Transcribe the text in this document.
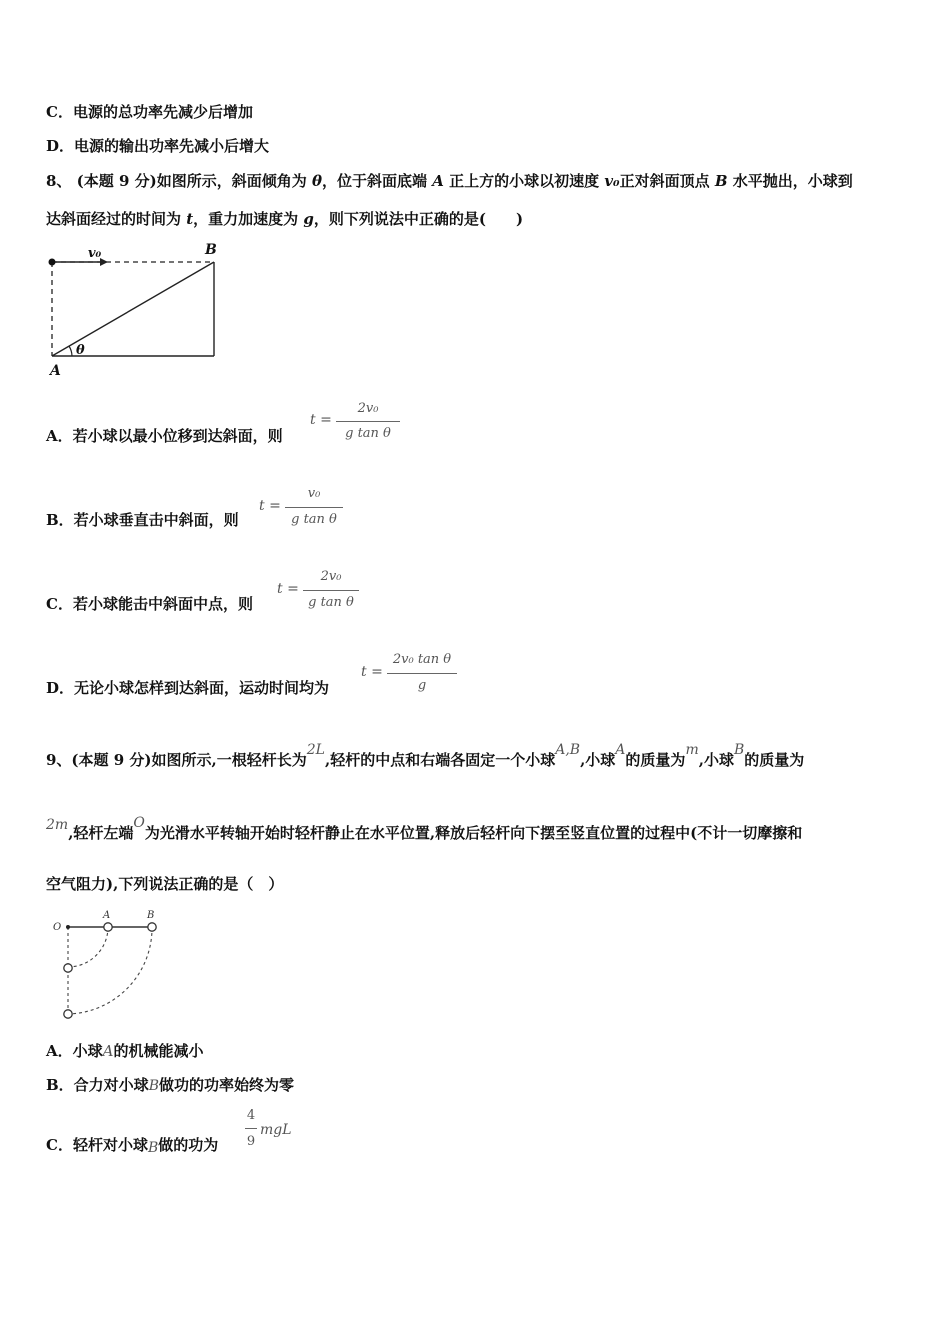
C．电源的总功率先减少后增加
D．电源的输出功率先减小后增大
8、 (本题 9 分)如图所示，斜面倾角为 θ，位于斜面底端 A 正上方的小球以初速度 v₀正对斜面顶点 B 水平抛出，小球到
达斜面经过的时间为 t，重力加速度为 g，则下列说法中正确的是(　　)
v₀	B
A
θ
A．若小球以最小位移到达斜面，则
t =
2v₀
g tan θ
B．若小球垂直击中斜面，则
t =
v₀
g tan θ
C．若小球能击中斜面中点，则
t =
2v₀
g tan θ
D．无论小球怎样到达斜面，运动时间均为
t =
2v₀ tan θ
g
9、(本题 9 分)如图所示,一根轻杆长为2L,轻杆的中点和右端各固定一个小球A,B,小球A的质量为m,小球B的质量为
2m,轻杆左端O为光滑水平转轴开始时轻杆静止在水平位置,释放后轻杆向下摆至竖直位置的过程中(不计一切摩擦和
空气阻力),下列说法正确的是（　）
O
A	B
A．小球A的机械能减小
B．合力对小球B做功的功率始终为零
C．轻杆对小球B做的功为
4
9
mgL
